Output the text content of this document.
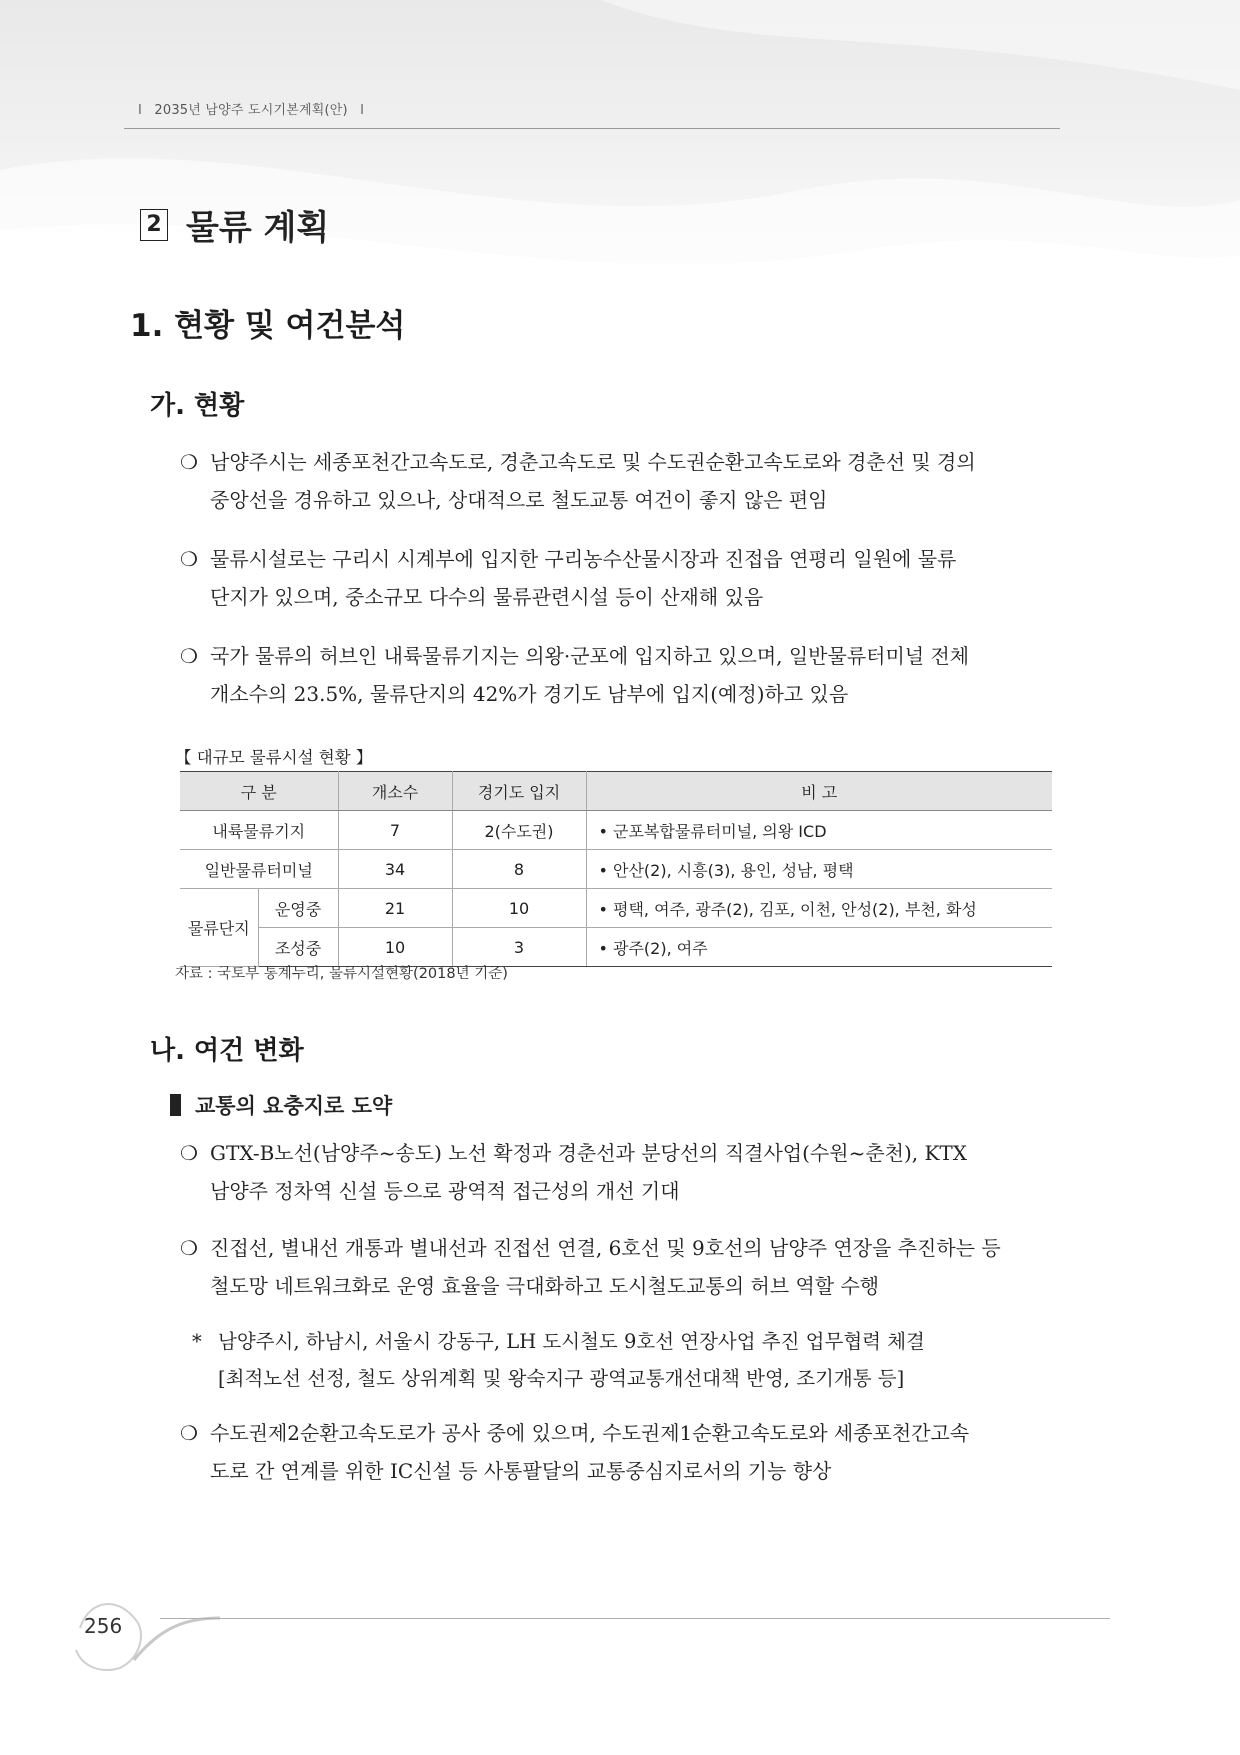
I 2035년 남양주 도시기본계획(안) I
2 물류 계획
1. 현황 및 여건분석
가. 현황
❍ 남양주시는 세종포천간고속도로, 경춘고속도로 및 수도권순환고속도로와 경춘선 및 경의
중앙선을 경유하고 있으나, 상대적으로 철도교통 여건이 좋지 않은 편임
❍ 물류시설로는 구리시 시계부에 입지한 구리농수산물시장과 진접읍 연평리 일원에 물류
단지가 있으며, 중소규모 다수의 물류관련시설 등이 산재해 있음
❍ 국가 물류의 허브인 내륙물류기지는 의왕·군포에 입지하고 있으며, 일반물류터미널 전체
개소수의 23.5%, 물류단지의 42%가 경기도 남부에 입지(예정)하고 있음
【 대규모 물류시설 현황 】
구 분		개소수	경기도 입지	비 고
내륙물류기지		7	2(수도권)	• 군포복합물류터미널, 의왕 ICD
일반물류터미널		34	8	• 안산(2), 시흥(3), 용인, 성남, 평택
물류단지	운영중	21	10	• 평택, 여주, 광주(2), 김포, 이천, 안성(2), 부천, 화성
	조성중	10	3	• 광주(2), 여주
자료 : 국토부 통계누리, 물류시설현황(2018년 기준)
나. 여건 변화
교통의 요충지로 도약
❍ GTX-B노선(남양주~송도) 노선 확정과 경춘선과 분당선의 직결사업(수원~춘천), KTX
남양주 정차역 신설 등으로 광역적 접근성의 개선 기대
❍ 진접선, 별내선 개통과 별내선과 진접선 연결, 6호선 및 9호선의 남양주 연장을 추진하는 등
철도망 네트워크화로 운영 효율을 극대화하고 도시철도교통의 허브 역할 수행
* 남양주시, 하남시, 서울시 강동구, LH 도시철도 9호선 연장사업 추진 업무협력 체결
[최적노선 선정, 철도 상위계획 및 왕숙지구 광역교통개선대책 반영, 조기개통 등]
❍ 수도권제2순환고속도로가 공사 중에 있으며, 수도권제1순환고속도로와 세종포천간고속
도로 간 연계를 위한 IC신설 등 사통팔달의 교통중심지로서의 기능 향상
256
